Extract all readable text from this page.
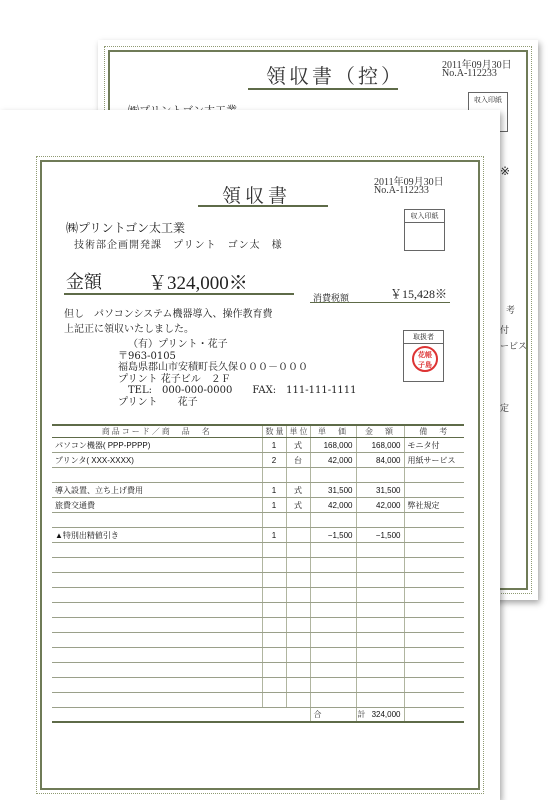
領収書（控）	2011年09月30日
No.A-112233
収入印紙
※
考
付
ービス
定
領収書
2011年09月30日
No.A-112233
収入印紙
㈱プリントゴン太工業
技術部企画開発課　プリント　ゴン太　様
金額 ￥324,000※
消費税額	￥15,428※
但し　パソコンシステム機器導入、操作教育費
上記正に領収いたしました。
（有）プリント・花子
〒963-0105
福島県郡山市安積町長久保０００－０００
プリント 花子ビル　２Ｆ
TEL:　000-000-0000　　FAX:　111-111-1111
プリント　　花子
取扱者
花帳
子島
商品コード／商　品　名	数量	単位	単　価	金　額	備　考
パソコン機器( PPP-PPPP)	1	式	168,000	168,000	モニタ付
プリンタ( XXX-XXXX)	2	台	42,000	84,000	用紙サービス

導入設置、立ち上げ費用	1	式	31,500	31,500	
旅費交通費	1	式	42,000	42,000	弊社規定

▲特別出精値引き	1		−1,500	−1,500	

			合　計	324,000	
